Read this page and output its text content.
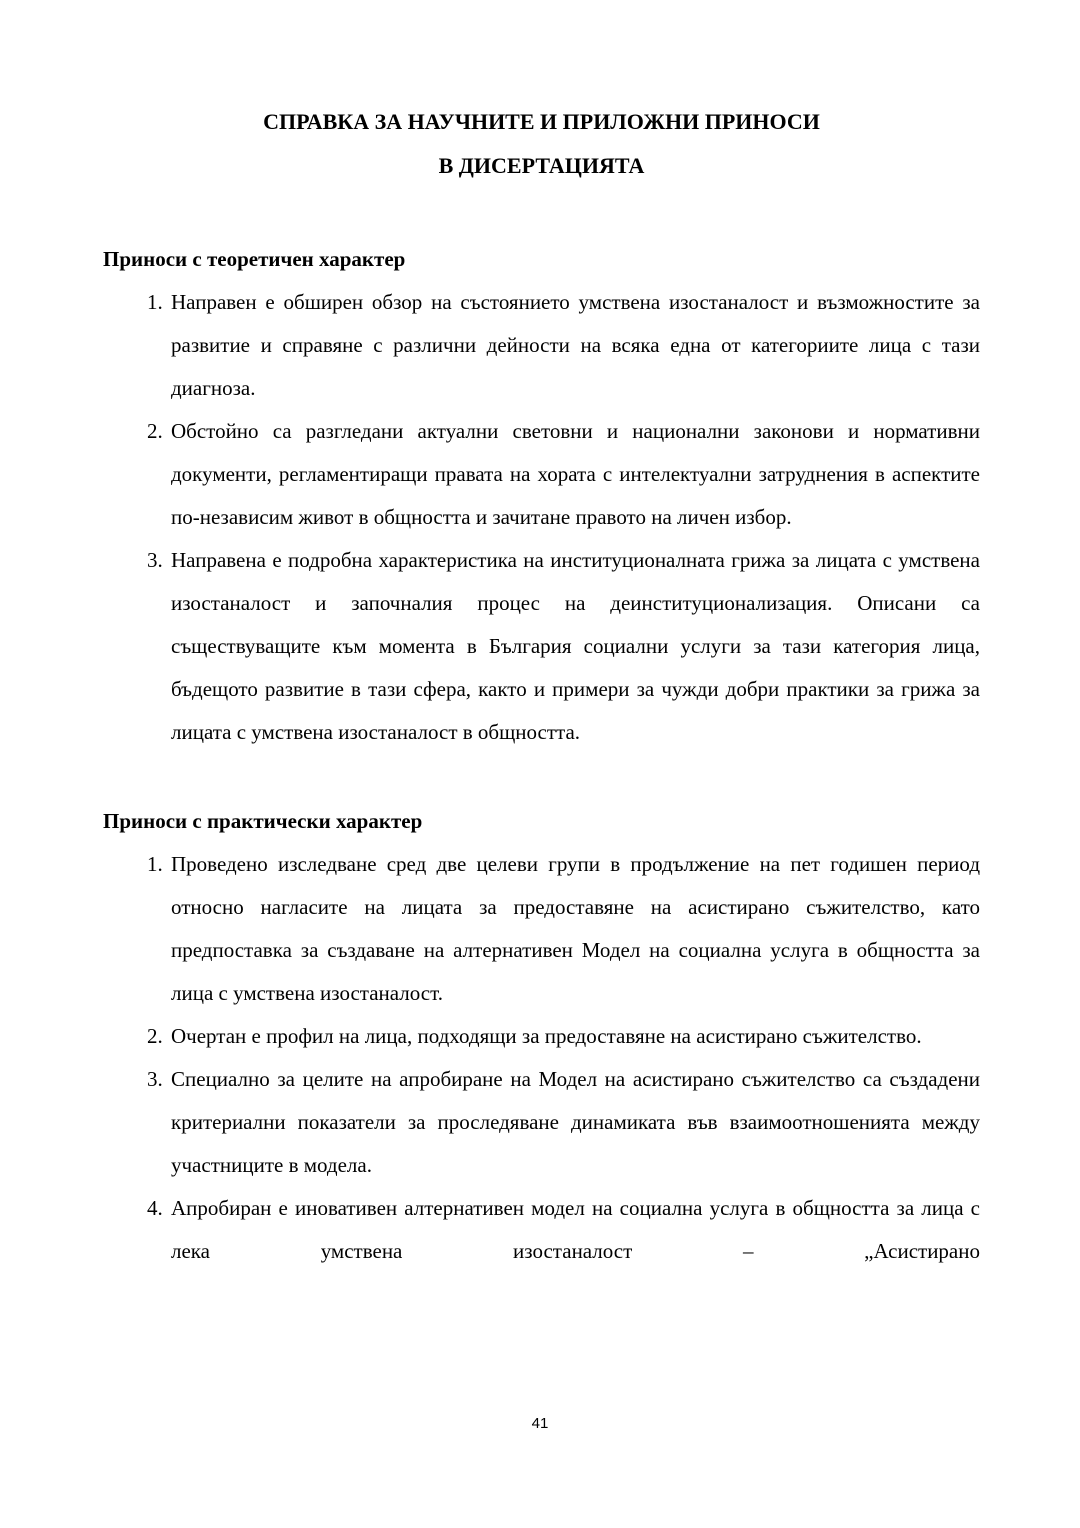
СПРАВКА ЗА НАУЧНИТЕ И ПРИЛОЖНИ ПРИНОСИ
В ДИСЕРТАЦИЯТА
Приноси с теоретичен характер
1. Направен е обширен обзор на състоянието умствена изостаналост и възможностите за развитие и справяне с различни дейности на всяка една от категориите лица с тази диагноза.
2. Обстойно са разгледани актуални световни и национални законови и нормативни документи, регламентиращи правата на хората с интелектуални затруднения в аспектите по-независим живот в общността и зачитане правото на личен избор.
3. Направена е подробна характеристика на институционалната грижа за лицата с умствена изостаналост и започналия процес на деинституционализация. Описани са съществуващите към момента в България социални услуги за тази категория лица, бъдещото развитие в тази сфера, както и примери за чужди добри практики за грижа за лицата с умствена изостаналост в общността.
Приноси с практически характер
1. Проведено изследване сред две целеви групи в продължение на пет годишен период относно нагласите на лицата за предоставяне на асистирано съжителство, като предпоставка за създаване на алтернативен Модел на социална услуга в общността за лица с умствена изостаналост.
2. Очертан е профил на лица, подходящи за предоставяне на асистирано съжителство.
3. Специално за целите на апробиране на Модел на асистирано съжителство са създадени критериални показатели за проследяване динамиката във взаимоотношенията между участниците в модела.
4. Апробиран е иновативен алтернативен модел на социална услуга в общността за лица с лека умствена изостаналост – „Асистирано
41
